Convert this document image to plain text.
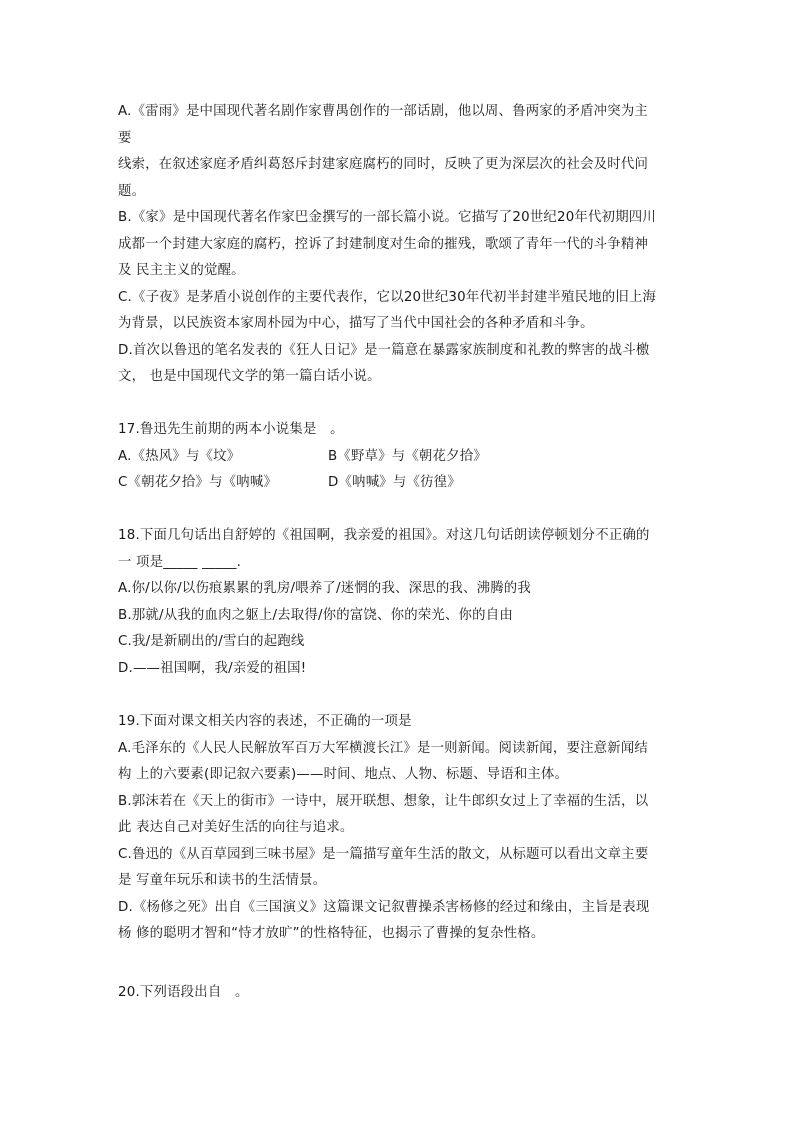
A.《雷雨》是中国现代著名剧作家曹禺创作的一部话剧，他以周、鲁两家的矛盾冲突为主
要
线索，在叙述家庭矛盾纠葛怒斥封建家庭腐朽的同时，反映了更为深层次的社会及时代问
题。
B.《家》是中国现代著名作家巴金撰写的一部长篇小说。它描写了20世纪20年代初期四川
成都一个封建大家庭的腐朽，控诉了封建制度对生命的摧残，歌颂了青年一代的斗争精神
及 民主主义的觉醒。
C.《子夜》是茅盾小说创作的主要代表作，它以20世纪30年代初半封建半殖民地的旧上海
为背景，以民族资本家周朴园为中心，描写了当代中国社会的各种矛盾和斗争。
D.首次以鲁迅的笔名发表的《狂人日记》是一篇意在暴露家族制度和礼教的弊害的战斗檄
文， 也是中国现代文学的第一篇白话小说。
17.鲁迅先生前期的两本小说集是　。
A.《热风》与《坟》	B《野草》与《朝花夕拾》
C《朝花夕拾》与《呐喊》	D《呐喊》与《彷徨》
18.下面几句话出自舒婷的《祖国啊，我亲爱的祖国》。对这几句话朗读停顿划分不正确的
一 项是_____ _____.
A.你/以你/以伤痕累累的乳房/喂养了/迷惘的我、深思的我、沸腾的我
B.那就/从我的血肉之躯上/去取得/你的富饶、你的荣光、你的自由
C.我/是新刷出的/雪白的起跑线
D.——祖国啊，我/亲爱的祖国!
19.下面对课文相关内容的表述，不正确的一项是
A.毛泽东的《人民人民解放军百万大军横渡长江》是一则新闻。阅读新闻，要注意新闻结
构 上的六要素(即记叙六要素)——时间、地点、人物、标题、导语和主体。
B.郭沫若在《天上的街市》一诗中，展开联想、想象，让牛郎织女过上了幸福的生活，以
此 表达自己对美好生活的向往与追求。
C.鲁迅的《从百草园到三味书屋》是一篇描写童年生活的散文，从标题可以看出文章主要
是 写童年玩乐和读书的生活情景。
D.《杨修之死》出自《三国演义》这篇课文记叙曹操杀害杨修的经过和缘由，主旨是表现
杨 修的聪明才智和“恃才放旷”的性格特征，也揭示了曹操的复杂性格。
20.下列语段出自　。
